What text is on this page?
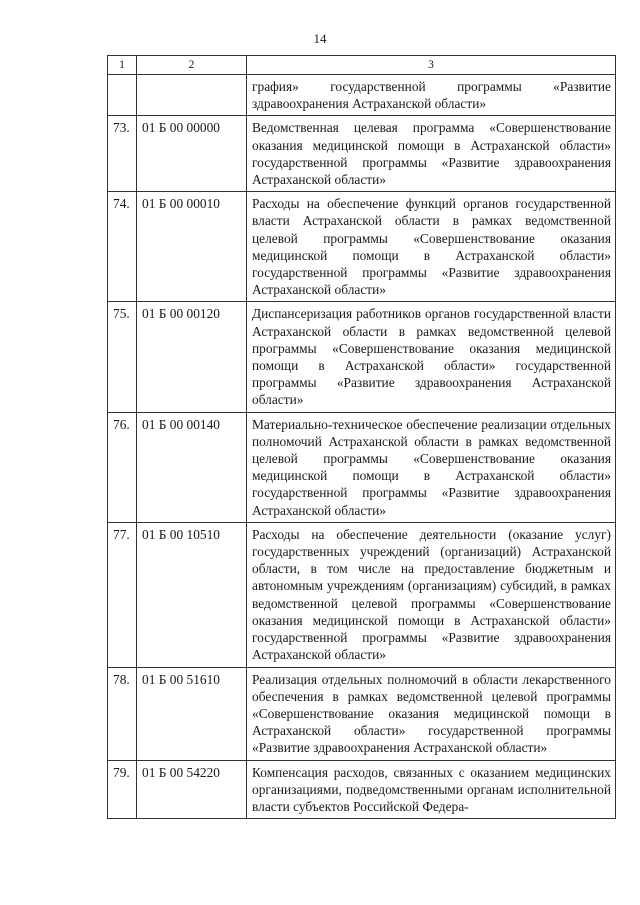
14
1	2	3
		графия» государственной программы «Развитие здравоохранения Астраханской области»
73.	01 Б 00 00000	Ведомственная целевая программа «Совершенствование оказания медицинской помощи в Астраханской области» государственной программы «Развитие здравоохранения Астраханской области»
74.	01 Б 00 00010	Расходы на обеспечение функций органов государственной власти Астраханской области в рамках ведомственной целевой программы «Совершенствование оказания медицинской помощи в Астраханской области» государственной программы «Развитие здравоохранения Астраханской области»
75.	01 Б 00 00120	Диспансеризация работников органов государственной власти Астраханской области в рамках ведомственной целевой программы «Совершенствование оказания медицинской помощи в Астраханской области» государственной программы «Развитие здравоохранения Астраханской области»
76.	01 Б 00 00140	Материально-техническое обеспечение реализации отдельных полномочий Астраханской области в рамках ведомственной целевой программы «Совершенствование оказания медицинской помощи в Астраханской области» государственной программы «Развитие здравоохранения Астраханской области»
77.	01 Б 00 10510	Расходы на обеспечение деятельности (оказание услуг) государственных учреждений (организаций) Астраханской области, в том числе на предоставление бюджетным и автономным учреждениям (организациям) субсидий, в рамках ведомственной целевой программы «Совершенствование оказания медицинской помощи в Астраханской области» государственной программы «Развитие здравоохранения Астраханской области»
78.	01 Б 00 51610	Реализация отдельных полномочий в области лекарственного обеспечения в рамках ведомственной целевой программы «Совершенствование оказания медицинской помощи в Астраханской области» государственной программы «Развитие здравоохранения Астраханской области»
79.	01 Б 00 54220	Компенсация расходов, связанных с оказанием медицинских организациями, подведомственными органам исполнительной власти субъектов Российской Федера-
